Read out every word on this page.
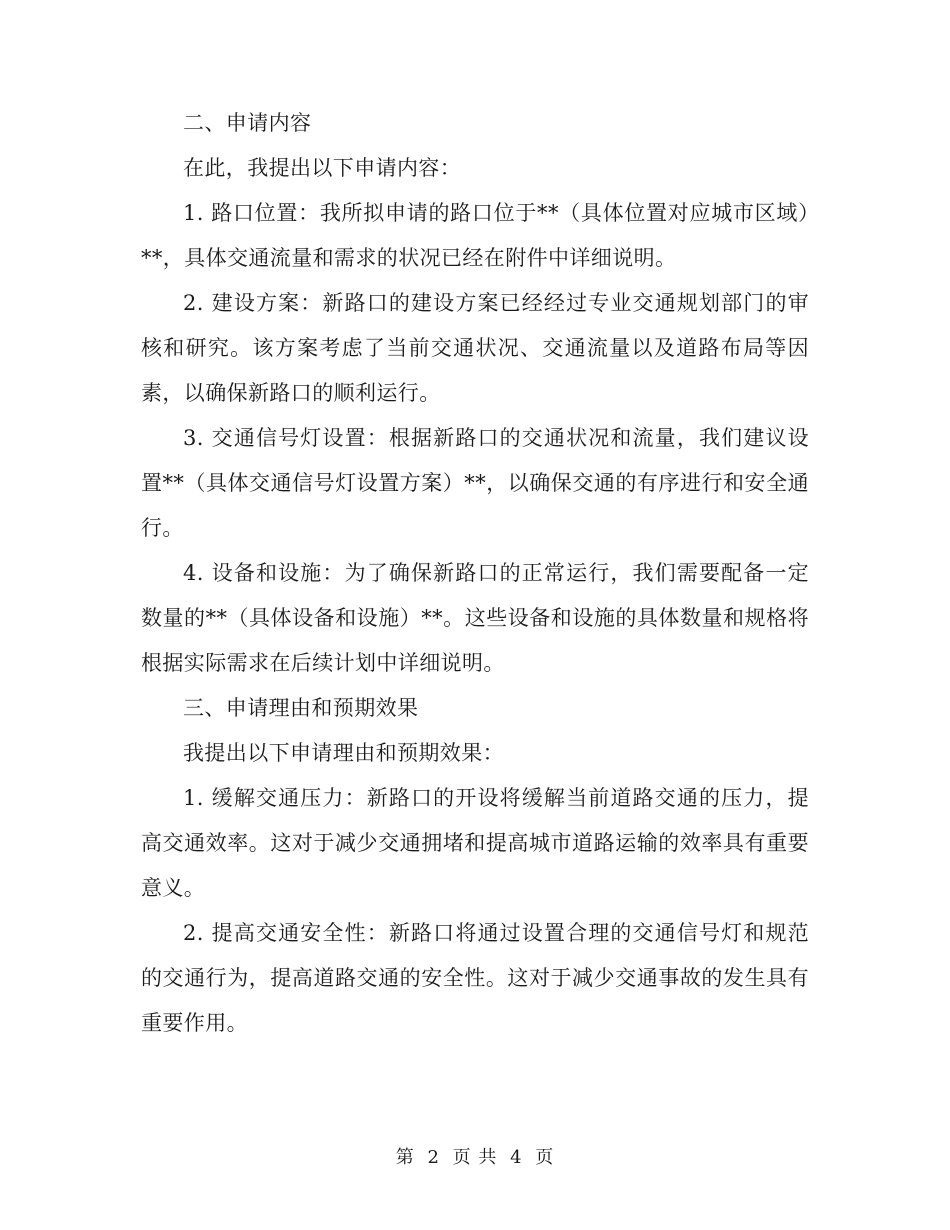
二、申请内容

在此，我提出以下申请内容：

1. 路口位置：我所拟申请的路口位于**（具体位置对应城市区域）**，具体交通流量和需求的状况已经在附件中详细说明。

2. 建设方案：新路口的建设方案已经经过专业交通规划部门的审核和研究。该方案考虑了当前交通状况、交通流量以及道路布局等因素，以确保新路口的顺利运行。

3. 交通信号灯设置：根据新路口的交通状况和流量，我们建议设置**（具体交通信号灯设置方案）**，以确保交通的有序进行和安全通行。

4. 设备和设施：为了确保新路口的正常运行，我们需要配备一定数量的**（具体设备和设施）**。这些设备和设施的具体数量和规格将根据实际需求在后续计划中详细说明。

三、申请理由和预期效果

我提出以下申请理由和预期效果：

1. 缓解交通压力：新路口的开设将缓解当前道路交通的压力，提高交通效率。这对于减少交通拥堵和提高城市道路运输的效率具有重要意义。

2. 提高交通安全性：新路口将通过设置合理的交通信号灯和规范的交通行为，提高道路交通的安全性。这对于减少交通事故的发生具有重要作用。

第 2 页 共 4 页
